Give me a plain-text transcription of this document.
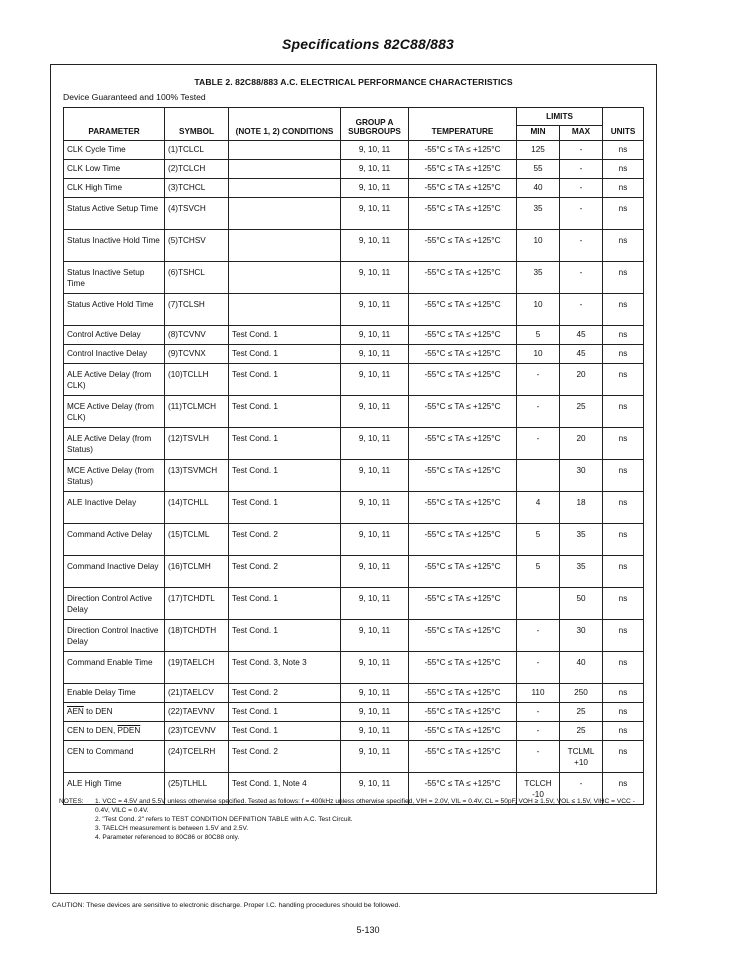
Specifications 82C88/883
TABLE 2. 82C88/883 A.C. ELECTRICAL PERFORMANCE CHARACTERISTICS
Device Guaranteed and 100% Tested
PARAMETER	SYMBOL	(NOTE 1, 2) CONDITIONS	GROUP A SUBGROUPS	TEMPERATURE	LIMITS		UNITS
					MIN	MAX	
CLK Cycle Time	(1)TCLCL		9, 10, 11	-55°C ≤ TA ≤ +125°C	125	-	ns
CLK Low Time	(2)TCLCH		9, 10, 11	-55°C ≤ TA ≤ +125°C	55	-	ns
CLK High Time	(3)TCHCL		9, 10, 11	-55°C ≤ TA ≤ +125°C	40	-	ns
Status Active Setup Time	(4)TSVCH		9, 10, 11	-55°C ≤ TA ≤ +125°C	35	-	ns
Status Inactive Hold Time	(5)TCHSV		9, 10, 11	-55°C ≤ TA ≤ +125°C	10	-	ns
Status Inactive Setup Time	(6)TSHCL		9, 10, 11	-55°C ≤ TA ≤ +125°C	35	-	ns
Status Active Hold Time	(7)TCLSH		9, 10, 11	-55°C ≤ TA ≤ +125°C	10	-	ns
Control Active Delay	(8)TCVNV	Test Cond. 1	9, 10, 11	-55°C ≤ TA ≤ +125°C	5	45	ns
Control Inactive Delay	(9)TCVNX	Test Cond. 1	9, 10, 11	-55°C ≤ TA ≤ +125°C	10	45	ns
ALE Active Delay (from CLK)	(10)TCLLH	Test Cond. 1	9, 10, 11	-55°C ≤ TA ≤ +125°C	-	20	ns
MCE Active Delay (from CLK)	(11)TCLMCH	Test Cond. 1	9, 10, 11	-55°C ≤ TA ≤ +125°C	-	25	ns
ALE Active Delay (from Status)	(12)TSVLH	Test Cond. 1	9, 10, 11	-55°C ≤ TA ≤ +125°C	-	20	ns
MCE Active Delay (from Status)	(13)TSVMCH	Test Cond. 1	9, 10, 11	-55°C ≤ TA ≤ +125°C		30	ns
ALE Inactive Delay	(14)TCHLL	Test Cond. 1	9, 10, 11	-55°C ≤ TA ≤ +125°C	4	18	ns
Command Active Delay	(15)TCLML	Test Cond. 2	9, 10, 11	-55°C ≤ TA ≤ +125°C	5	35	ns
Command Inactive Delay	(16)TCLMH	Test Cond. 2	9, 10, 11	-55°C ≤ TA ≤ +125°C	5	35	ns
Direction Control Active Delay	(17)TCHDTL	Test Cond. 1	9, 10, 11	-55°C ≤ TA ≤ +125°C		50	ns
Direction Control Inactive Delay	(18)TCHDTH	Test Cond. 1	9, 10, 11	-55°C ≤ TA ≤ +125°C	-	30	ns
Command Enable Time	(19)TAELCH	Test Cond. 3, Note 3	9, 10, 11	-55°C ≤ TA ≤ +125°C	-	40	ns
Enable Delay Time	(21)TAELCV	Test Cond. 2	9, 10, 11	-55°C ≤ TA ≤ +125°C	110	250	ns
$\overline{AEN}$ to DEN	(22)TAEVNV	Test Cond. 1	9, 10, 11	-55°C ≤ TA ≤ +125°C	-	25	ns
CEN to DEN, PDEN	(23)TCEVNV	Test Cond. 1	9, 10, 11	-55°C ≤ TA ≤ +125°C	-	25	ns
CEN to Command	(24)TCELRH	Test Cond. 2	9, 10, 11	-55°C ≤ TA ≤ +125°C	-	TCLML +10	ns
ALE High Time	(25)TLHLL	Test Cond. 1, Note 4	9, 10, 11	-55°C ≤ TA ≤ +125°C	TCLCH -10	-	ns
NOTES:	1. VCC = 4.5V and 5.5V unless otherwise specified. Tested as follows: f = 400kHz unless otherwise specified, VIH = 2.0V, VIL = 0.4V, CL = 50pF, VOH ≥ 1.5V, VOL ≤ 1.5V, VIHC = VCC - 0.4V, VILC = 0.4V.
2. "Test Cond. 2" refers to TEST CONDITION DEFINITION TABLE with A.C. Test Circuit.
3. TAELCH measurement is between 1.5V and 2.5V.
4. Parameter referenced to 80C86 or 80C88 only.
CAUTION: These devices are sensitive to electronic discharge. Proper I.C. handling procedures should be followed.
5-130
